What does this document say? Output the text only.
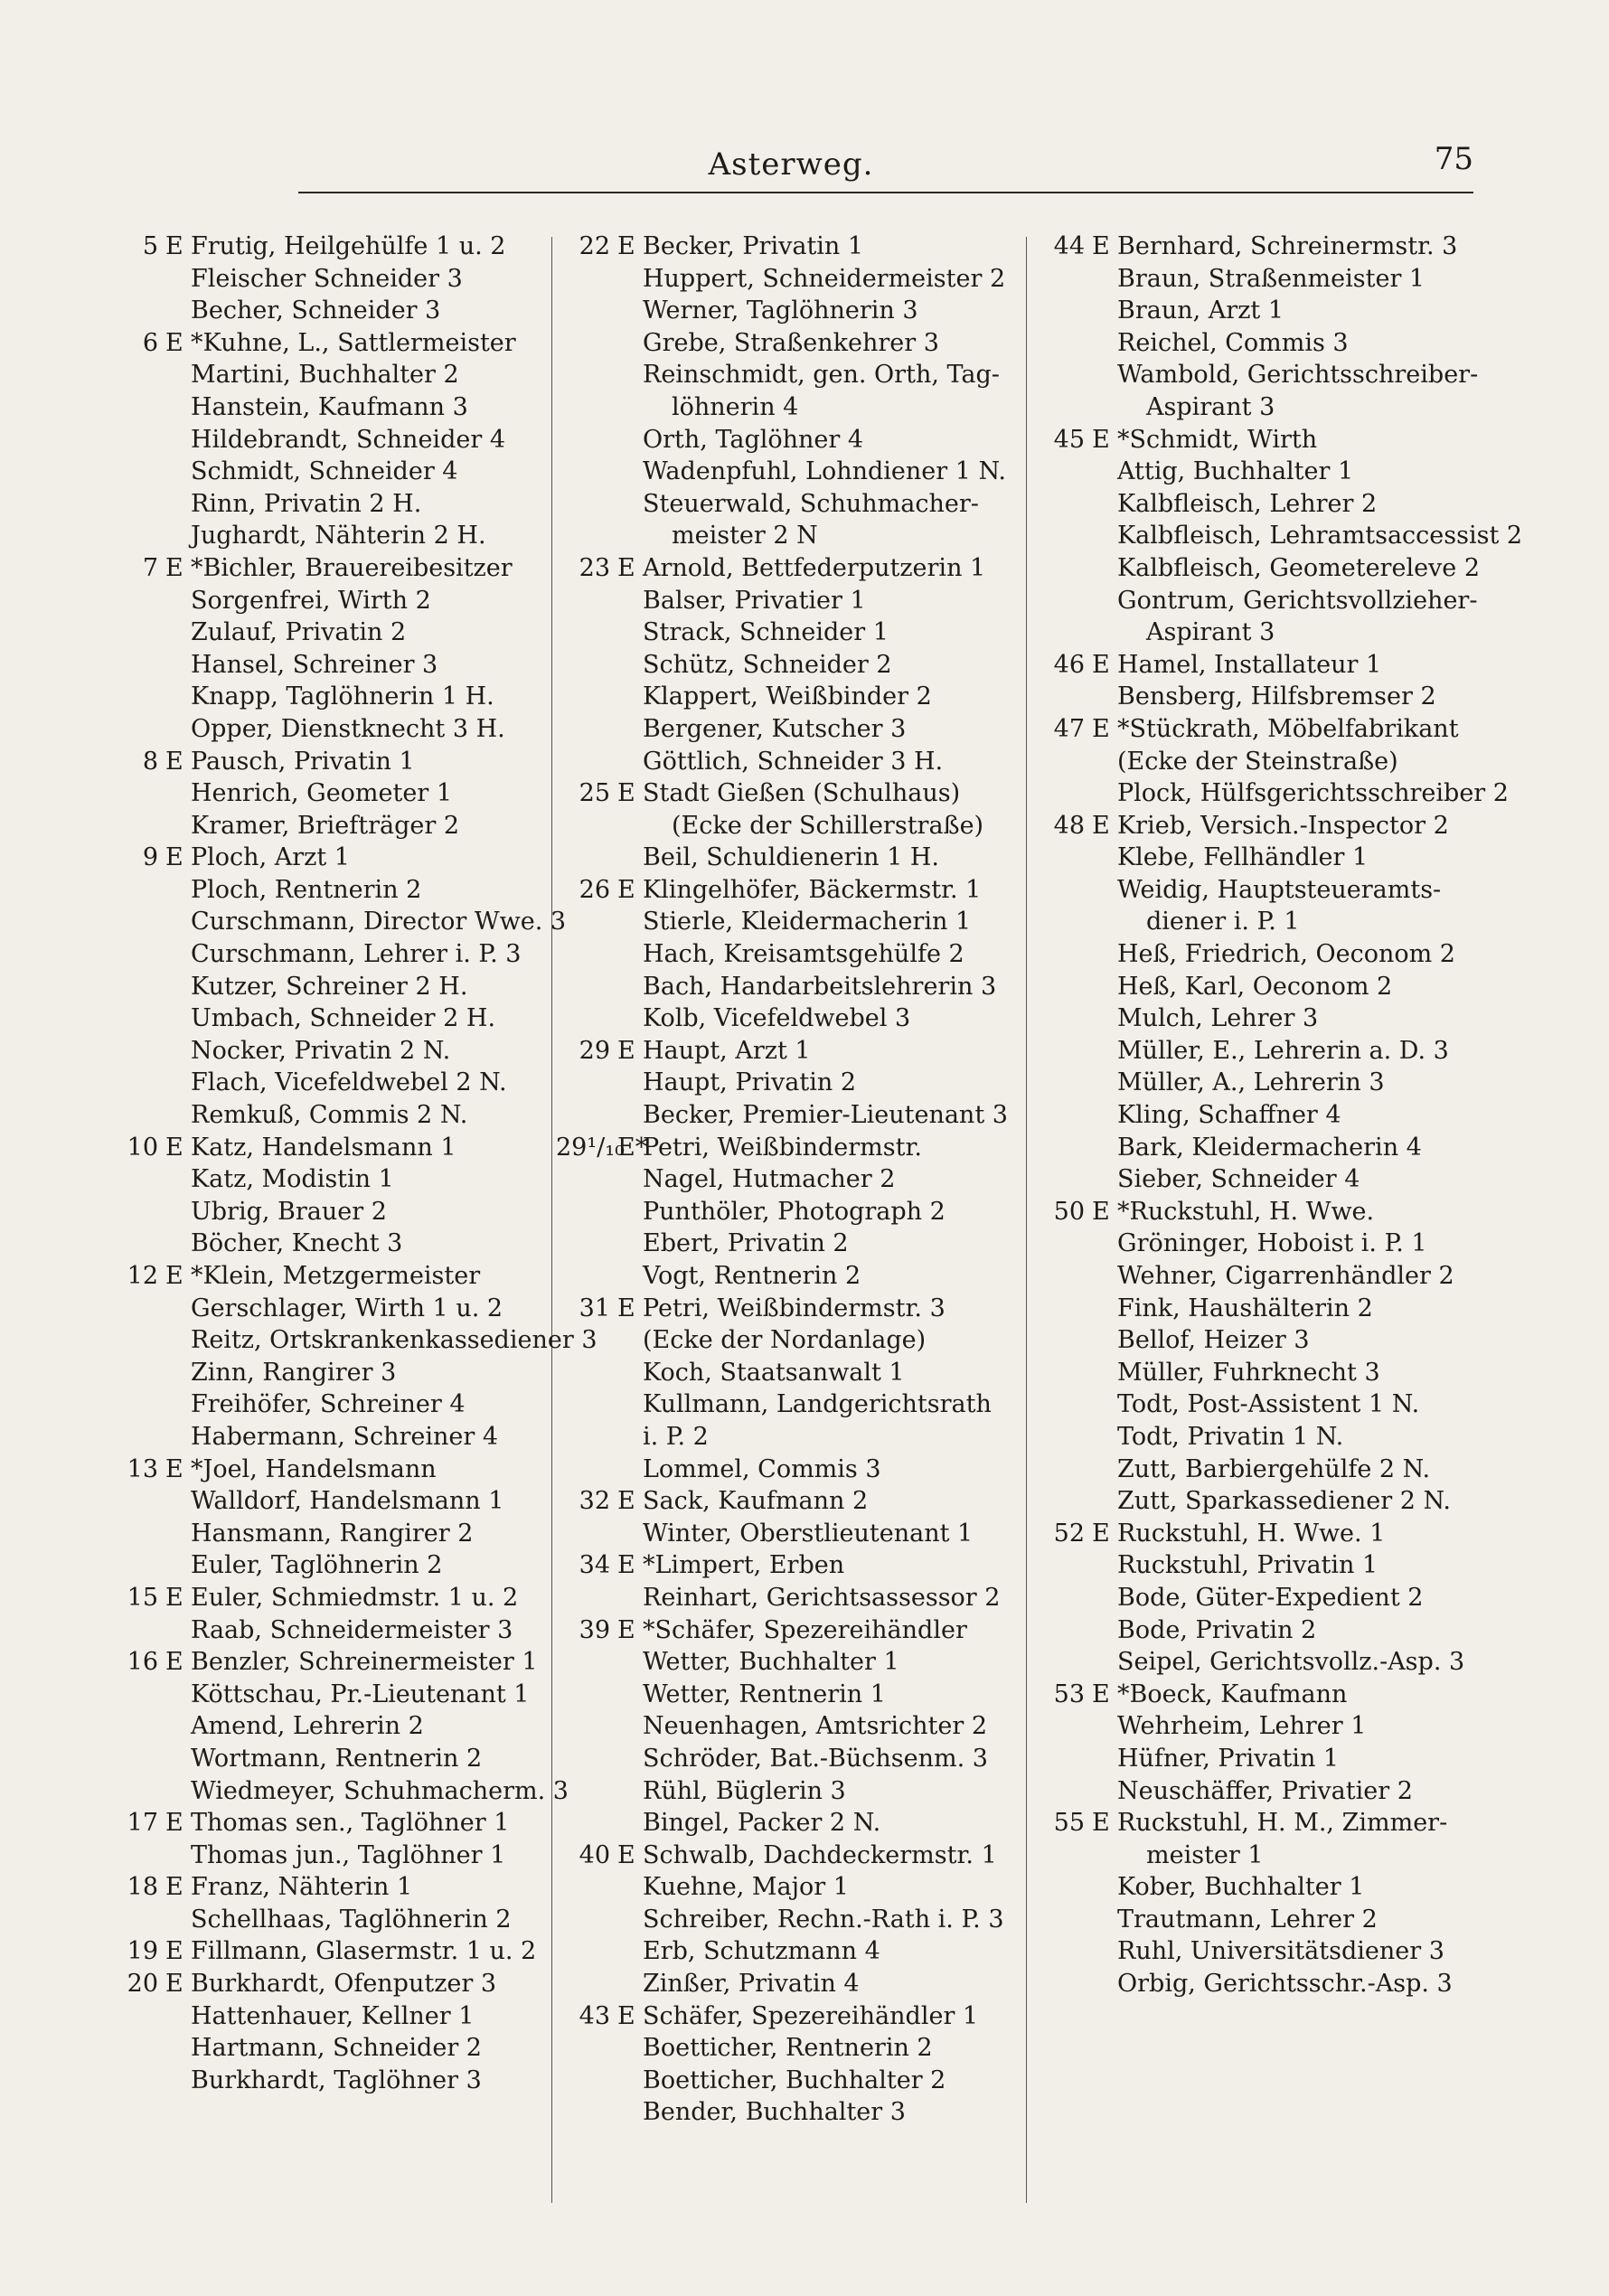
Asterweg.	75
5 E Frutig, Heilgehülfe 1 u. 2
Fleischer Schneider 3
Becher, Schneider 3
6 E *Kuhne, L., Sattlermeister
Martini, Buchhalter 2
Hanstein, Kaufmann 3
Hildebrandt, Schneider 4
Schmidt, Schneider 4
Rinn, Privatin 2 H.
Jughardt, Nähterin 2 H.
7 E *Bichler, Brauereibesitzer
Sorgenfrei, Wirth 2
Zulauf, Privatin 2
Hansel, Schreiner 3
Knapp, Taglöhnerin 1 H.
Opper, Dienstknecht 3 H.
8 E Pausch, Privatin 1
Henrich, Geometer 1
Kramer, Briefträger 2
9 E Ploch, Arzt 1
Ploch, Rentnerin 2
Curschmann, Director Wwe. 3
Curschmann, Lehrer i. P. 3
Kutzer, Schreiner 2 H.
Umbach, Schneider 2 H.
Nocker, Privatin 2 N.
Flach, Vicefeldwebel 2 N.
Remkuß, Commis 2 N.
10 E Katz, Handelsmann 1
Katz, Modistin 1
Ubrig, Brauer 2
Böcher, Knecht 3
12 E *Klein, Metzgermeister
Gerschlager, Wirth 1 u. 2
Reitz, Ortskrankenkassediener 3
Zinn, Rangirer 3
Freihöfer, Schreiner 4
Habermann, Schreiner 4
13 E *Joel, Handelsmann
Walldorf, Handelsmann 1
Hansmann, Rangirer 2
Euler, Taglöhnerin 2
15 E Euler, Schmiedmstr. 1 u. 2
Raab, Schneidermeister 3
16 E Benzler, Schreinermeister 1
Köttschau, Pr.-Lieutenant 1
Amend, Lehrerin 2
Wortmann, Rentnerin 2
Wiedmeyer, Schuhmacherm. 3
17 E Thomas sen., Taglöhner 1
Thomas jun., Taglöhner 1
18 E Franz, Nähterin 1
Schellhaas, Taglöhnerin 2
19 E Fillmann, Glasermstr. 1 u. 2
20 E Burkhardt, Ofenputzer 3
Hattenhauer, Kellner 1
Hartmann, Schneider 2
Burkhardt, Taglöhner 3
22 E Becker, Privatin 1
Huppert, Schneidermeister 2
Werner, Taglöhnerin 3
Grebe, Straßenkehrer 3
Reinschmidt, gen. Orth, Tag-
löhnerin 4
Orth, Taglöhner 4
Wadenpfuhl, Lohndiener 1 N.
Steuerwald, Schuhmacher-
meister 2 N
23 E Arnold, Bettfederputzerin 1
Balser, Privatier 1
Strack, Schneider 1
Schütz, Schneider 2
Klappert, Weißbinder 2
Bergener, Kutscher 3
Göttlich, Schneider 3 H.
25 E Stadt Gießen (Schulhaus)
(Ecke der Schillerstraße)
Beil, Schuldienerin 1 H.
26 E Klingelhöfer, Bäckermstr. 1
Stierle, Kleidermacherin 1
Hach, Kreisamtsgehülfe 2
Bach, Handarbeitslehrerin 3
Kolb, Vicefeldwebel 3
29 E Haupt, Arzt 1
Haupt, Privatin 2
Becker, Premier-Lieutenant 3
29¹/₁₀
E*
Petri, Weißbindermstr.
Nagel, Hutmacher 2
Punthöler, Photograph 2
Ebert, Privatin 2
Vogt, Rentnerin 2
31 E Petri, Weißbindermstr. 3
(Ecke der Nordanlage)
Koch, Staatsanwalt 1
Kullmann, Landgerichtsrath
i. P. 2
Lommel, Commis 3
32 E Sack, Kaufmann 2
Winter, Oberstlieutenant 1
34 E *Limpert, Erben
Reinhart, Gerichtsassessor 2
39 E *Schäfer, Spezereihändler
Wetter, Buchhalter 1
Wetter, Rentnerin 1
Neuenhagen, Amtsrichter 2
Schröder, Bat.-Büchsenm. 3
Rühl, Büglerin 3
Bingel, Packer 2 N.
40 E Schwalb, Dachdeckermstr. 1
Kuehne, Major 1
Schreiber, Rechn.-Rath i. P. 3
Erb, Schutzmann 4
Zinßer, Privatin 4
43 E Schäfer, Spezereihändler 1
Boetticher, Rentnerin 2
Boetticher, Buchhalter 2
Bender, Buchhalter 3
44 E Bernhard, Schreinermstr. 3
Braun, Straßenmeister 1
Braun, Arzt 1
Reichel, Commis 3
Wambold, Gerichtsschreiber-
Aspirant 3
45 E *Schmidt, Wirth
Attig, Buchhalter 1
Kalbfleisch, Lehrer 2
Kalbfleisch, Lehramtsaccessist 2
Kalbfleisch, Geometereleve 2
Gontrum, Gerichtsvollzieher-
Aspirant 3
46 E Hamel, Installateur 1
Bensberg, Hilfsbremser 2
47 E *Stückrath, Möbelfabrikant
(Ecke der Steinstraße)
Plock, Hülfsgerichtsschreiber 2
48 E Krieb, Versich.-Inspector 2
Klebe, Fellhändler 1
Weidig, Hauptsteueramts-
diener i. P. 1
Heß, Friedrich, Oeconom 2
Heß, Karl, Oeconom 2
Mulch, Lehrer 3
Müller, E., Lehrerin a. D. 3
Müller, A., Lehrerin 3
Kling, Schaffner 4
Bark, Kleidermacherin 4
Sieber, Schneider 4
50 E *Ruckstuhl, H. Wwe.
Gröninger, Hoboist i. P. 1
Wehner, Cigarrenhändler 2
Fink, Haushälterin 2
Bellof, Heizer 3
Müller, Fuhrknecht 3
Todt, Post-Assistent 1 N.
Todt, Privatin 1 N.
Zutt, Barbiergehülfe 2 N.
Zutt, Sparkassediener 2 N.
52 E Ruckstuhl, H. Wwe. 1
Ruckstuhl, Privatin 1
Bode, Güter-Expedient 2
Bode, Privatin 2
Seipel, Gerichtsvollz.-Asp. 3
53 E *Boeck, Kaufmann
Wehrheim, Lehrer 1
Hüfner, Privatin 1
Neuschäffer, Privatier 2
55 E Ruckstuhl, H. M., Zimmer-
meister 1
Kober, Buchhalter 1
Trautmann, Lehrer 2
Ruhl, Universitätsdiener 3
Orbig, Gerichtsschr.-Asp. 3
